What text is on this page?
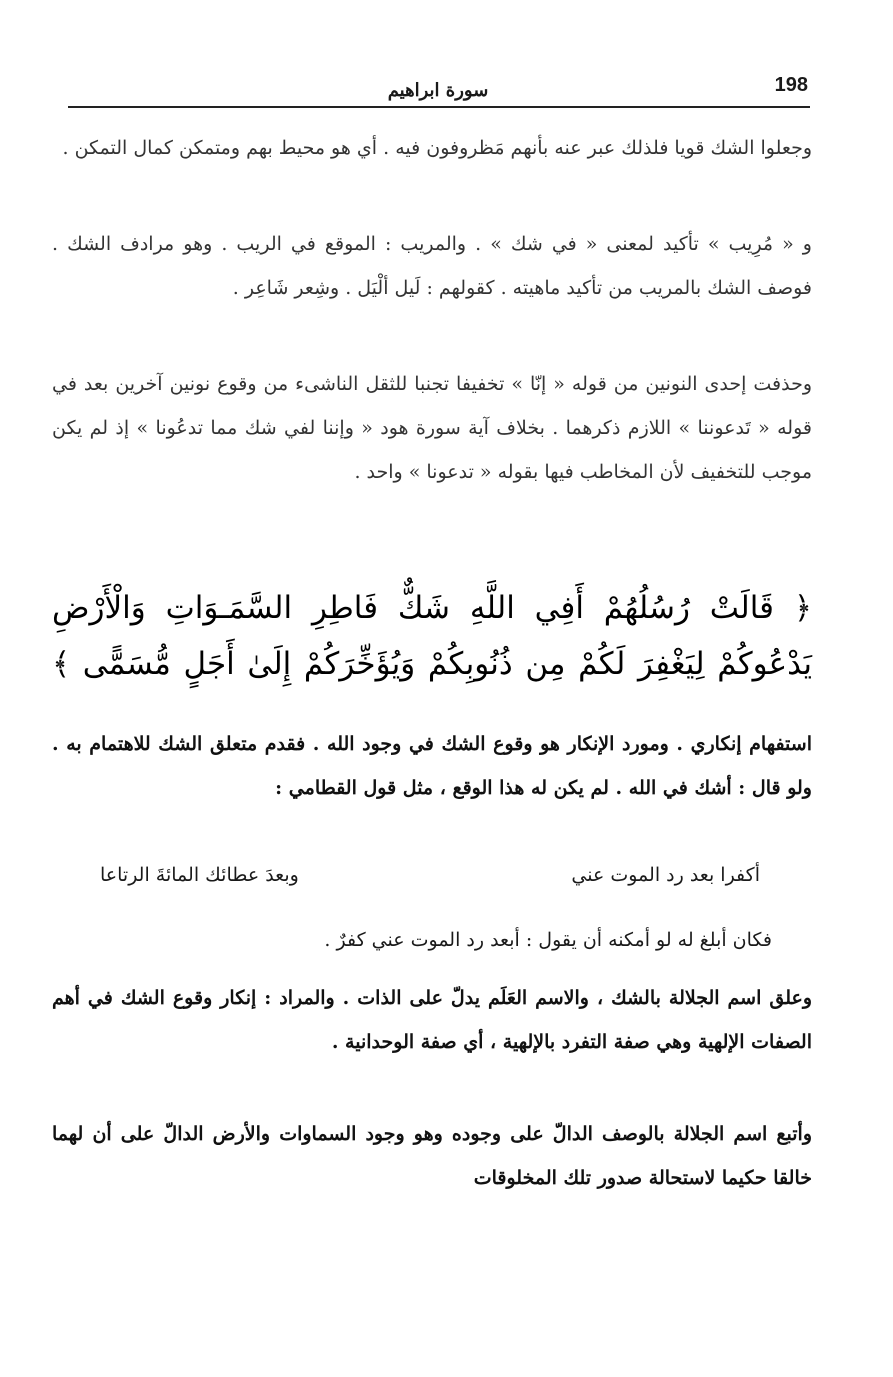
سورة ابراهيم	198

وجعلوا الشك قويا فلذلك عبر عنه بأنهم مَظروفون فيه . أي هو محيط بهم ومتمكن كمال التمكن .

و « مُرِيب » تأكيد لمعنى « في شك » . والمريب : الموقع في الريب . وهو مرادف الشك . فوصف الشك بالمريب من تأكيد ماهيته . كقولهم : لَيل ألْيَل . وشِعر شَاعِر .

وحذفت إحدى النونين من قوله « إنّا » تخفيفا تجنبا للثقل الناشىء من وقوع نونين آخرين بعد في قوله « تَدعوننا » اللازم ذكرهما . بخلاف آية سورة هود « وإننا لفي شك مما تدعُونا » إذ لم يكن موجب للتخفيف لأن المخاطب فيها بقوله « تدعونا » واحد .

﴿ قَالَتْ رُسُلُهُمْ أَفِي اللَّهِ شَكٌّ فَاطِرِ السَّمَـوَاتِ وَالْأَرْضِ
يَدْعُوكُمْ لِيَغْفِرَ لَكُمْ مِن ذُنُوبِكُمْ وَيُؤَخِّرَكُمْ إِلَىٰ أَجَلٍ مُّسَمًّى ﴾

استفهام إنكاري . ومورد الإنكار هو وقوع الشك في وجود الله . فقدم متعلق الشك للاهتمام به . ولو قال : أشك في الله . لم يكن له هذا الوقع ، مثل قول القطامي :

أكفرا بعد رد الموت عني
وبعدَ عطائك المائةَ الرتاعا

فكان أبلغ له لو أمكنه أن يقول : أبعد رد الموت عني كفرٌ .

وعلق اسم الجلالة بالشك ، والاسم العَلَم يدلّ على الذات . والمراد : إنكار وقوع الشك في أهم الصفات الإلهية وهي صفة التفرد بالإلهية ، أي صفة الوحدانية .

وأتبع اسم الجلالة بالوصف الدالّ على وجوده وهو وجود السماوات والأرض الدالّ على أن لهما خالقا حكيما لاستحالة صدور تلك المخلوقات
